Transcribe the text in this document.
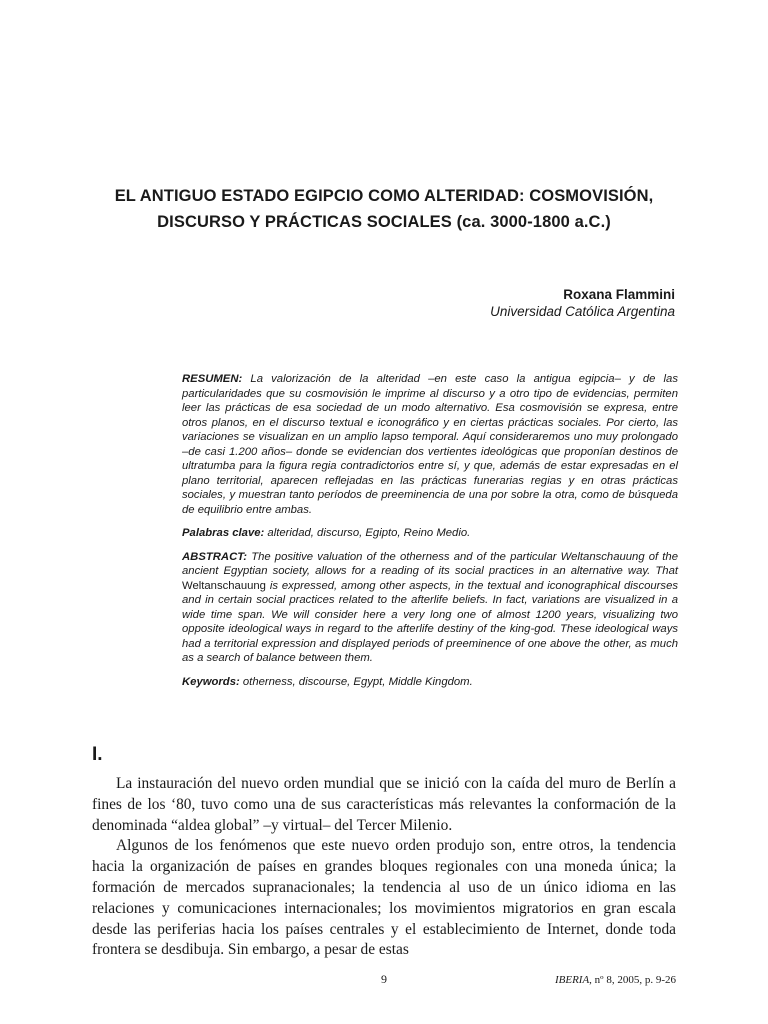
EL ANTIGUO ESTADO EGIPCIO COMO ALTERIDAD: COSMOVISIÓN,
DISCURSO Y PRÁCTICAS SOCIALES (ca. 3000-1800 a.C.)
Roxana Flammini
Universidad Católica Argentina

RESUMEN: La valorización de la alteridad –en este caso la antigua egipcia– y de las particularidades que su cosmovisión le imprime al discurso y a otro tipo de evidencias, permiten leer las prácticas de esa sociedad de un modo alternativo. Esa cosmovisión se expresa, entre otros planos, en el discurso textual e iconográfico y en ciertas prácticas sociales. Por cierto, las variaciones se visualizan en un amplio lapso temporal. Aquí consideraremos uno muy prolongado –de casi 1.200 años– donde se evidencian dos vertientes ideológicas que proponían destinos de ultratumba para la figura regia contradictorios entre sí, y que, además de estar expresadas en el plano territorial, aparecen reflejadas en las prácticas funerarias regias y en otras prácticas sociales, y muestran tanto períodos de preeminencia de una por sobre la otra, como de búsqueda de equilibrio entre ambas.

Palabras clave: alteridad, discurso, Egipto, Reino Medio.

ABSTRACT: The positive valuation of the otherness and of the particular Weltanschauung of the ancient Egyptian society, allows for a reading of its social practices in an alternative way. That Weltanschauung is expressed, among other aspects, in the textual and iconographical discourses and in certain social practices related to the afterlife beliefs. In fact, variations are visualized in a wide time span. We will consider here a very long one of almost 1200 years, visualizing two opposite ideological ways in regard to the afterlife destiny of the king-god. These ideological ways had a territorial expression and displayed periods of preeminence of one above the other, as much as a search of balance between them.

Keywords: otherness, discourse, Egypt, Middle Kingdom.

I.

La instauración del nuevo orden mundial que se inició con la caída del muro de Berlín a fines de los ‘80, tuvo como una de sus características más relevantes la conformación de la denominada “aldea global” –y virtual– del Tercer Milenio.

Algunos de los fenómenos que este nuevo orden produjo son, entre otros, la tendencia hacia la organización de países en grandes bloques regionales con una moneda única; la formación de mercados supranacionales; la tendencia al uso de un único idioma en las relaciones y comunicaciones internacionales; los movimientos migratorios en gran escala desde las periferias hacia los países centrales y el establecimiento de Internet, donde toda frontera se desdibuja. Sin embargo, a pesar de estas

9	IBERIA, nº 8, 2005, p. 9-26
